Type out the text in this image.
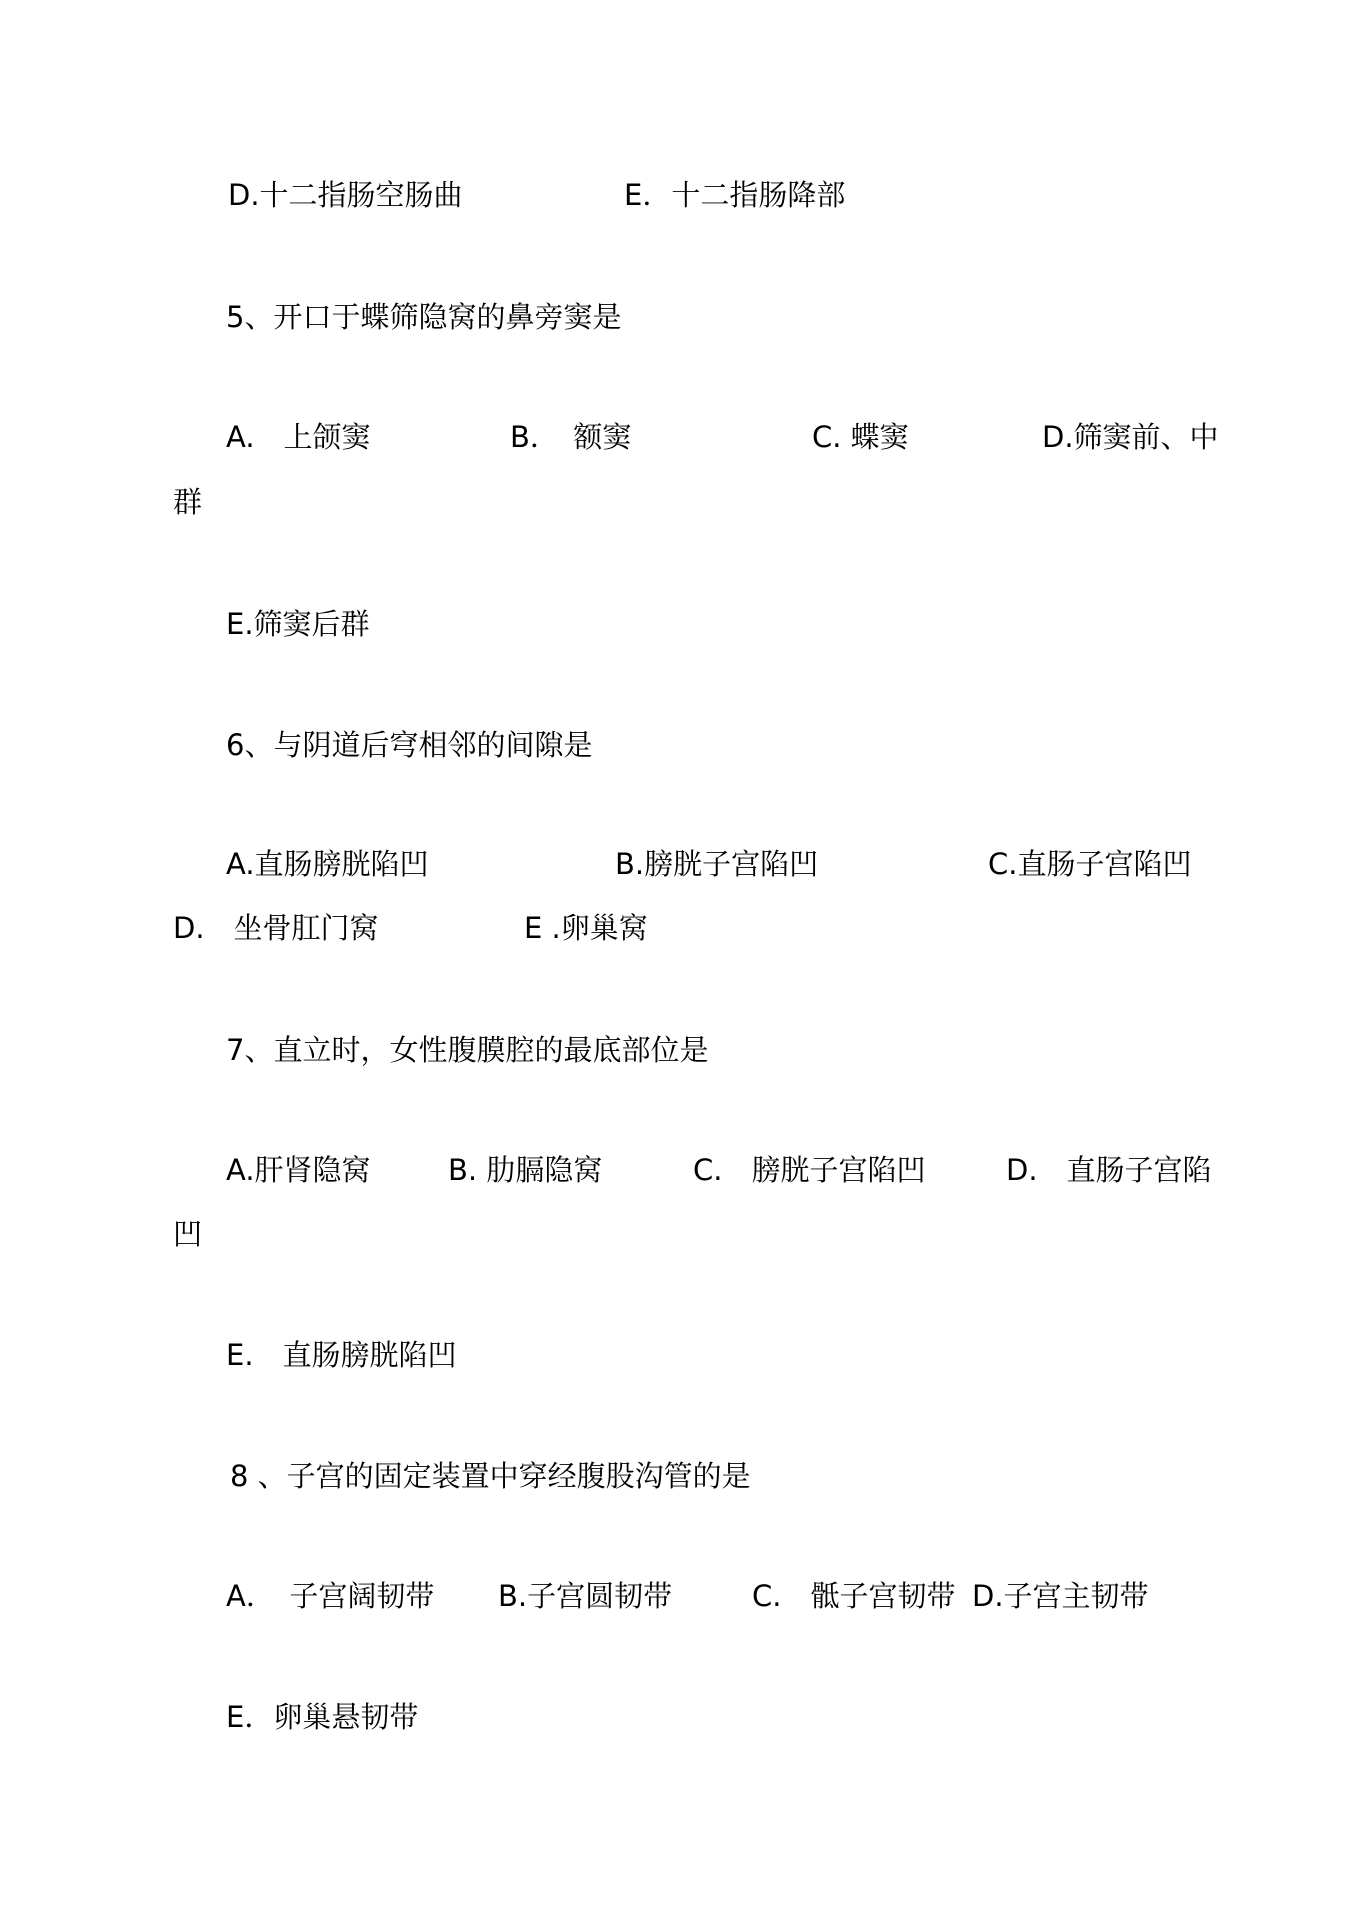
D.十二指肠空肠曲	E．十二指肠降部
5、开口于蝶筛隐窝的鼻旁窦是
A.　上颌窦	B．　额窦	C. 蝶窦	D.筛窦前、中
群
E.筛窦后群
6、与阴道后穹相邻的间隙是
A.直肠膀胱陷凹	B.膀胱子宫陷凹	C.直肠子宫陷凹
D.　坐骨肛门窝	E .卵巢窝
7、直立时，女性腹膜腔的最底部位是
A.肝肾隐窝	B. 肋膈隐窝	C.　膀胱子宫陷凹	D.　直肠子宫陷
凹
E.　直肠膀胱陷凹
8 、子宫的固定装置中穿经腹股沟管的是
A．　子宫阔韧带 B.子宫圆韧带	C.　骶子宫韧带 D.子宫主韧带
E．卵巢悬韧带
